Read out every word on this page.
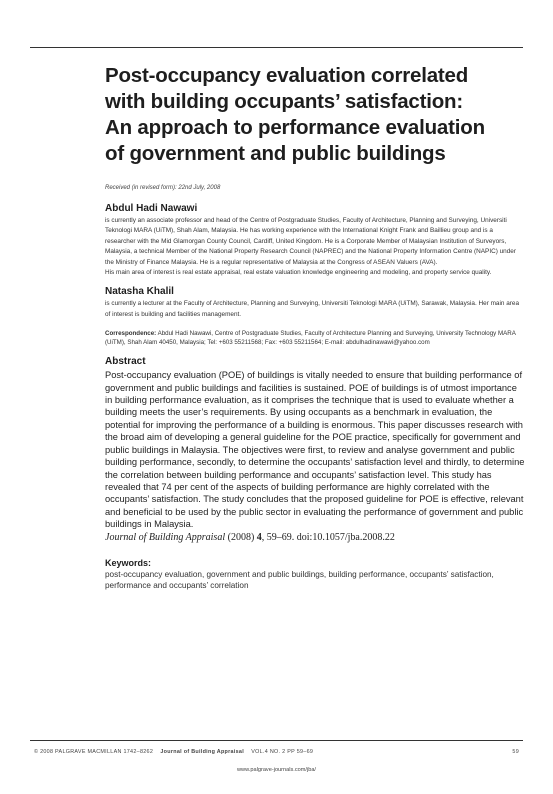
Post-occupancy evaluation correlated
with building occupants’ satisfaction:
An approach to performance evaluation
of government and public buildings
Received (in revised form): 22nd July, 2008
Abdul Hadi Nawawi
is currently an associate professor and head of the Centre of Postgraduate Studies, Faculty of Architecture, Planning and Surveying, Universiti Teknologi MARA (UiTM), Shah Alam, Malaysia. He has working experience with the International Knight Frank and Baillieu group and is a researcher with the Mid Glamorgan County Council, Cardiff, United Kingdom. He is a Corporate Member of Malaysian Institution of Surveyors, Malaysia, a technical Member of the National Property Research Council (NAPREC) and the National Property Information Centre (NAPIC) under the Ministry of Finance Malaysia. He is a regular representative of Malaysia at the Congress of ASEAN Valuers (AVA).
His main area of interest is real estate appraisal, real estate valuation knowledge engineering and modeling, and property service quality.
Natasha Khalil
is currently a lecturer at the Faculty of Architecture, Planning and Surveying, Universiti Teknologi MARA (UiTM), Sarawak, Malaysia. Her main area of interest is building and facilities management.
Correspondence: Abdul Hadi Nawawi, Centre of Postgraduate Studies, Faculty of Architecture Planning and Surveying, University Technology MARA (UiTM), Shah Alam 40450, Malaysia; Tel: +603 55211568; Fax: +603 55211564; E-mail: abdulhadinawawi@yahoo.com
Abstract
Post-occupancy evaluation (POE) of buildings is vitally needed to ensure that building performance of government and public buildings and facilities is sustained. POE of buildings is of utmost importance in building performance evaluation, as it comprises the technique that is used to evaluate whether a building meets the user’s requirements. By using occupants as a benchmark in evaluation, the potential for improving the performance of a building is enormous. This paper discusses research with the broad aim of developing a general guideline for the POE practice, specifically for government and public buildings in Malaysia. The objectives were first, to review and analyse government and public building performance, secondly, to determine the occupants’ satisfaction level and thirdly, to determine the correlation between building performance and occupants’ satisfaction level. This study has revealed that 74 per cent of the aspects of building performance are highly correlated with the occupants’ satisfaction. The study concludes that the proposed guideline for POE is effective, relevant and beneficial to be used by the public sector in evaluating the performance of government and public buildings in Malaysia.
Journal of Building Appraisal (2008) 4, 59–69. doi:10.1057/jba.2008.22
Keywords:
post-occupancy evaluation, government and public buildings, building performance, occupants’ satisfaction, performance and occupants’ correlation
© 2008 PALGRAVE MACMILLAN 1742–8262 Journal of Building Appraisal VOL.4 NO. 2 PP 59–69	59
www.palgrave-journals.com/jba/
